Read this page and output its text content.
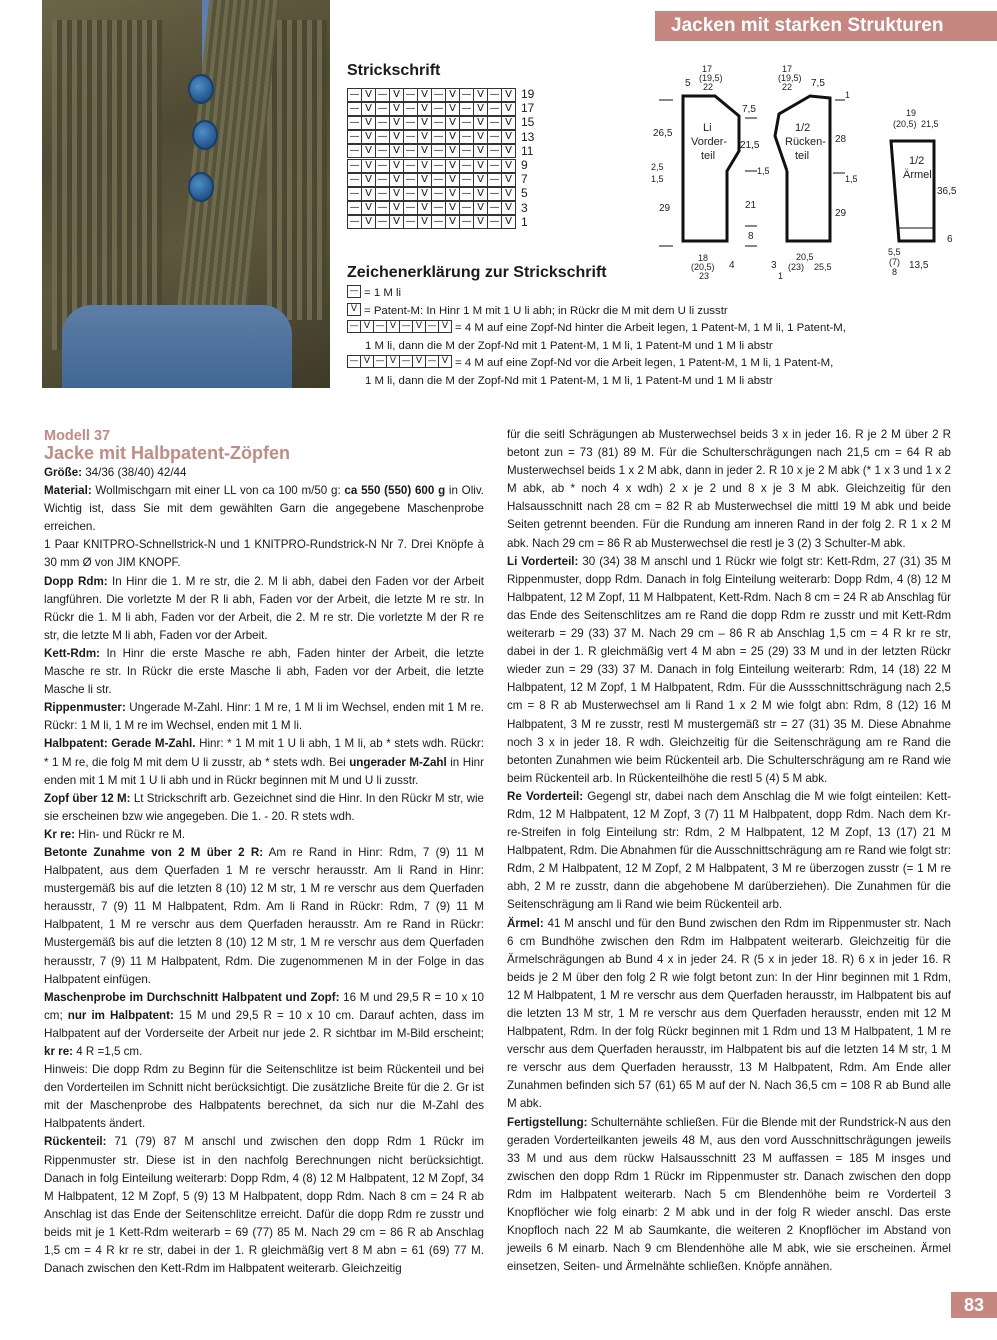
Jacken mit starken Strukturen
Strickschrift
— V — V — V — V — V — V 19
— V — V — V — V — V — V 17
— V — V — V — V — V — V 15
— V — V — V — V — V — V 13
— V — V — V — V — V — V 11
— V — V — V — V — V — V 9
— V — V — V — V — V — V 7
— V — V — V — V — V — V 5
— V — V — V — V — V — V 3
— V — V — V — V — V — V 1
Zeichenerklärung zur Strickschrift
— = 1 M li
V = Patent-M: In Hinr 1 M mit 1 U li abh; in Rückr die M mit dem U li zusstr
— V — V — V — V = 4 M auf eine Zopf-Nd hinter die Arbeit legen, 1 Patent-M, 1 M li, 1 Patent-M,
1 M li, dann die M der Zopf-Nd mit 1 Patent-M, 1 M li, 1 Patent-M und 1 M li abstr
— V — V — V — V = 4 M auf eine Zopf-Nd vor die Arbeit legen, 1 Patent-M, 1 M li, 1 Patent-M,
1 M li, dann die M der Zopf-Nd mit 1 Patent-M, 1 M li, 1 Patent-M und 1 M li abstr
17
(19,5)
22
5
Li
Vorder-
teil
26,5
2,5
1,5
29
7,5
21,5
1,5
21
8
18
(20,5)
23
4
17
(19,5)
22 7,5
1/2
Rücken-
teil
1
28
1,5
29
20,5
(23) 25,5
3
1
19
(20,5) 21,5
1/2
Ärmel
36,5
6
13,5
5,5
(7)
8
Modell 37
Jacke mit Halbpatent-Zöpfen

Größe: 34/36 (38/40) 42/44

Material: Wollmischgarn mit einer LL von ca 100 m/50 g: ca 550 (550) 600 g in Oliv. Wichtig ist, dass Sie mit dem gewählten Garn die angegebene Maschenprobe erreichen.

1 Paar KNITPRO-Schnellstrick-N und 1 KNITPRO-Rundstrick-N Nr 7. Drei Knöpfe à 30 mm Ø von JIM KNOPF.

Dopp Rdm: In Hinr die 1. M re str, die 2. M li abh, dabei den Faden vor der Arbeit langführen. Die vorletzte M der R li abh, Faden vor der Arbeit, die letzte M re str. In Rückr die 1. M li abh, Faden vor der Arbeit, die 2. M re str. Die vorletzte M der R re str, die letzte M li abh, Faden vor der Arbeit.

Kett-Rdm: In Hinr die erste Masche re abh, Faden hinter der Arbeit, die letzte Masche re str. In Rückr die erste Masche li abh, Faden vor der Arbeit, die letzte Masche li str.

Rippenmuster: Ungerade M-Zahl. Hinr: 1 M re, 1 M li im Wechsel, enden mit 1 M re. Rückr: 1 M li, 1 M re im Wechsel, enden mit 1 M li.

Halbpatent: Gerade M-Zahl. Hinr: * 1 M mit 1 U li abh, 1 M li, ab * stets wdh. Rückr: * 1 M re, die folg M mit dem U li zusstr, ab * stets wdh. Bei ungerader M-Zahl in Hinr enden mit 1 M mit 1 U li abh und in Rückr beginnen mit M und U li zusstr.

Zopf über 12 M: Lt Strickschrift arb. Gezeichnet sind die Hinr. In den Rückr M str, wie sie erscheinen bzw wie angegeben. Die 1. - 20. R stets wdh.

Kr re: Hin- und Rückr re M.

Betonte Zunahme von 2 M über 2 R: Am re Rand in Hinr: Rdm, 7 (9) 11 M Halbpatent, aus dem Querfaden 1 M re verschr herausstr. Am li Rand in Hinr: mustergemäß bis auf die letzten 8 (10) 12 M str, 1 M re verschr aus dem Querfaden herausstr, 7 (9) 11 M Halbpatent, Rdm. Am li Rand in Rückr: Rdm, 7 (9) 11 M Halbpatent, 1 M re verschr aus dem Querfaden herausstr. Am re Rand in Rückr: Mustergemäß bis auf die letzten 8 (10) 12 M str, 1 M re verschr aus dem Querfaden herausstr, 7 (9) 11 M Halbpatent, Rdm. Die zugenommenen M in der Folge in das Halbpatent einfügen.

Maschenprobe im Durchschnitt Halbpatent und Zopf: 16 M und 29,5 R = 10 x 10 cm; nur im Halbpatent: 15 M und 29,5 R = 10 x 10 cm. Darauf achten, dass im Halbpatent auf der Vorderseite der Arbeit nur jede 2. R sichtbar im M-Bild erscheint; kr re: 4 R =1,5 cm.

Hinweis: Die dopp Rdm zu Beginn für die Seitenschlitze ist beim Rückenteil und bei den Vorderteilen im Schnitt nicht berücksichtigt. Die zusätzliche Breite für die 2. Gr ist mit der Maschenprobe des Halbpatents berechnet, da sich nur die M-Zahl des Halbpatents ändert.

Rückenteil: 71 (79) 87 M anschl und zwischen den dopp Rdm 1 Rückr im Rippenmuster str. Diese ist in den nachfolg Berechnungen nicht berücksichtigt. Danach in folg Einteilung weiterarb: Dopp Rdm, 4 (8) 12 M Halbpatent, 12 M Zopf, 34 M Halbpatent, 12 M Zopf, 5 (9) 13 M Halbpatent, dopp Rdm. Nach 8 cm = 24 R ab Anschlag ist das Ende der Seitenschlitze erreicht. Dafür die dopp Rdm re zusstr und beids mit je 1 Kett-Rdm weiterarb = 69 (77) 85 M. Nach 29 cm = 86 R ab Anschlag 1,5 cm = 4 R kr re str, dabei in der 1. R gleichmäßig vert 8 M abn = 61 (69) 77 M. Danach zwischen den Kett-Rdm im Halbpatent weiterarb. Gleichzeitig

für die seitl Schrägungen ab Musterwechsel beids 3 x in jeder 16. R je 2 M über 2 R betont zun = 73 (81) 89 M. Für die Schulterschrägungen nach 21,5 cm = 64 R ab Musterwechsel beids 1 x 2 M abk, dann in jeder 2. R 10 x je 2 M abk (* 1 x 3 und 1 x 2 M abk, ab * noch 4 x wdh) 2 x je 2 und 8 x je 3 M abk. Gleichzeitig für den Halsausschnitt nach 28 cm = 82 R ab Musterwechsel die mittl 19 M abk und beide Seiten getrennt beenden. Für die Rundung am inneren Rand in der folg 2. R 1 x 2 M abk. Nach 29 cm = 86 R ab Musterwechsel die restl je 3 (2) 3 Schulter-M abk.

Li Vorderteil: 30 (34) 38 M anschl und 1 Rückr wie folgt str: Kett-Rdm, 27 (31) 35 M Rippenmuster, dopp Rdm. Danach in folg Einteilung weiterarb: Dopp Rdm, 4 (8) 12 M Halbpatent, 12 M Zopf, 11 M Halbpatent, Kett-Rdm. Nach 8 cm = 24 R ab Anschlag für das Ende des Seitenschlitzes am re Rand die dopp Rdm re zusstr und mit Kett-Rdm weiterarb = 29 (33) 37 M. Nach 29 cm – 86 R ab Anschlag 1,5 cm = 4 R kr re str, dabei in der 1. R gleichmäßig vert 4 M abn = 25 (29) 33 M und in der letzten Rückr wieder zun = 29 (33) 37 M. Danach in folg Einteilung weiterarb: Rdm, 14 (18) 22 M Halbpatent, 12 M Zopf, 1 M Halbpatent, Rdm. Für die Aussschnittschrägung nach 2,5 cm = 8 R ab Musterwechsel am li Rand 1 x 2 M wie folgt abn: Rdm, 8 (12) 16 M Halbpatent, 3 M re zusstr, restl M mustergemäß str = 27 (31) 35 M. Diese Abnahme noch 3 x in jeder 18. R wdh. Gleichzeitig für die Seitenschrägung am re Rand die betonten Zunahmen wie beim Rückenteil arb. Die Schulterschrägung am re Rand wie beim Rückenteil arb. In Rückenteilhöhe die restl 5 (4) 5 M abk.

Re Vorderteil: Gegengl str, dabei nach dem Anschlag die M wie folgt einteilen: Kett-Rdm, 12 M Halbpatent, 12 M Zopf, 3 (7) 11 M Halbpatent, dopp Rdm. Nach dem Kr-re-Streifen in folg Einteilung str: Rdm, 2 M Halbpatent, 12 M Zopf, 13 (17) 21 M Halbpatent, Rdm. Die Abnahmen für die Ausschnittschrägung am re Rand wie folgt str: Rdm, 2 M Halbpatent, 12 M Zopf, 2 M Halbpatent, 3 M re überzogen zusstr (= 1 M re abh, 2 M re zusstr, dann die abgehobene M darüberziehen). Die Zunahmen für die Seitenschrägung am li Rand wie beim Rückenteil arb.

Ärmel: 41 M anschl und für den Bund zwischen den Rdm im Rippenmuster str. Nach 6 cm Bundhöhe zwischen den Rdm im Halbpatent weiterarb. Gleichzeitig für die Ärmelschrägungen ab Bund 4 x in jeder 24. R (5 x in jeder 18. R) 6 x in jeder 16. R beids je 2 M über den folg 2 R wie folgt betont zun: In der Hinr beginnen mit 1 Rdm, 12 M Halbpatent, 1 M re verschr aus dem Querfaden herausstr, im Halbpatent bis auf die letzten 13 M str, 1 M re verschr aus dem Querfaden herausstr, enden mit 12 M Halbpatent, Rdm. In der folg Rückr beginnen mit 1 Rdm und 13 M Halbpatent, 1 M re verschr aus dem Querfaden herausstr, im Halbpatent bis auf die letzten 14 M str, 1 M re verschr aus dem Querfaden herausstr, 13 M Halbpatent, Rdm. Am Ende aller Zunahmen befinden sich 57 (61) 65 M auf der N. Nach 36,5 cm = 108 R ab Bund alle M abk.

Fertigstellung: Schulternähte schließen. Für die Blende mit der Rundstrick-N aus den geraden Vorderteilkanten jeweils 48 M, aus den vord Ausschnittschrägungen jeweils 33 M und aus dem rückw Halsausschnitt 23 M auffassen = 185 M insges und zwischen den dopp Rdm 1 Rückr im Rippenmuster str. Danach zwischen den dopp Rdm im Halbpatent weiterarb. Nach 5 cm Blendenhöhe beim re Vorderteil 3 Knopflöcher wie folg einarb: 2 M abk und in der folg R wieder anschl. Das erste Knopfloch nach 22 M ab Saumkante, die weiteren 2 Knopflöcher im Abstand von jeweils 6 M einarb. Nach 9 cm Blendenhöhe alle M abk, wie sie erscheinen. Ärmel einsetzen, Seiten- und Ärmelnähte schließen. Knöpfe annähen.

83
